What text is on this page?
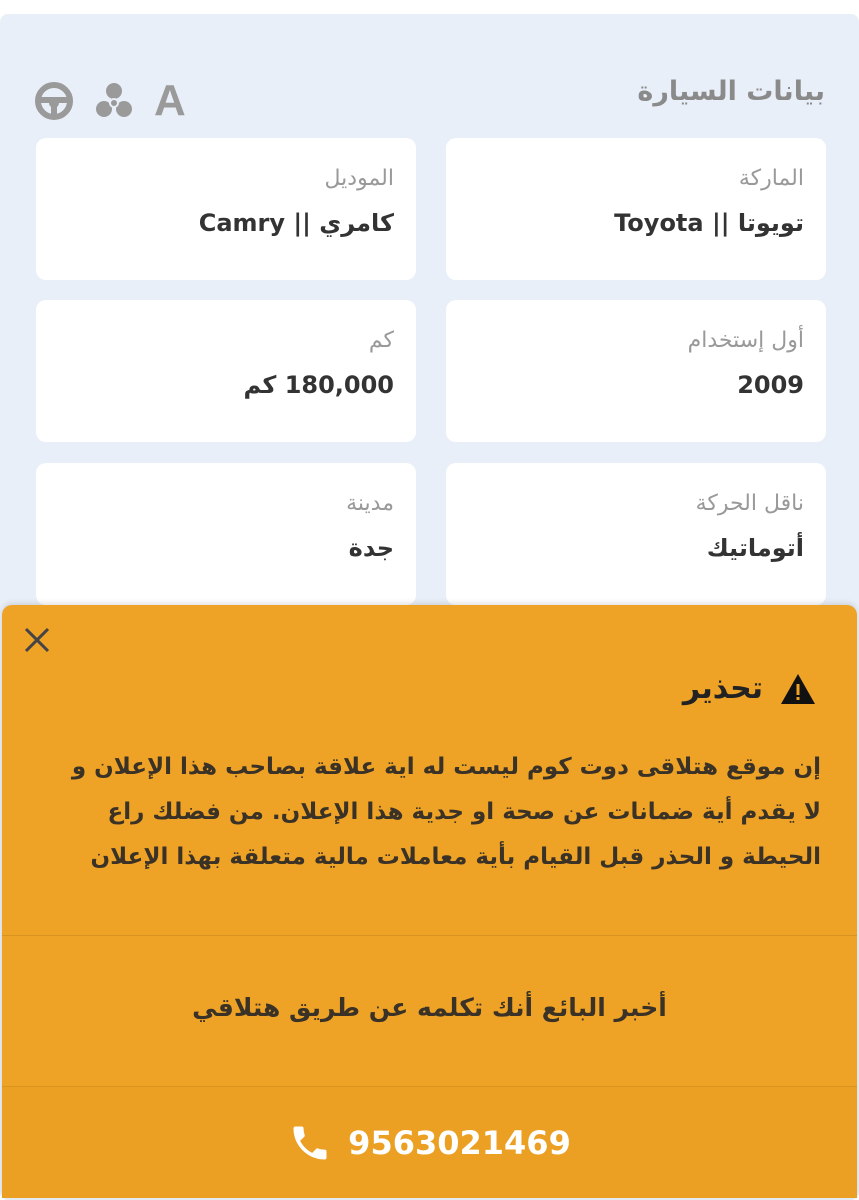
بيانات السيارة
A
الماركة
تويوتا || Toyota
الموديل
كامري || Camry
أول إستخدام
2009
كم
180,000 كم
ناقل الحركة
أتوماتيك
مدينة
جدة
تحذير
إن موقع هتلاقى دوت كوم ليست له اية علاقة بصاحب هذا الإعلان و لا يقدم أية ضمانات عن صحة او جدية هذا الإعلان. من فضلك راع الحيطة و الحذر قبل القيام بأية معاملات مالية متعلقة بهذا الإعلان
أخبر البائع أنك تكلمه عن طريق هتلاقي
9563021469
